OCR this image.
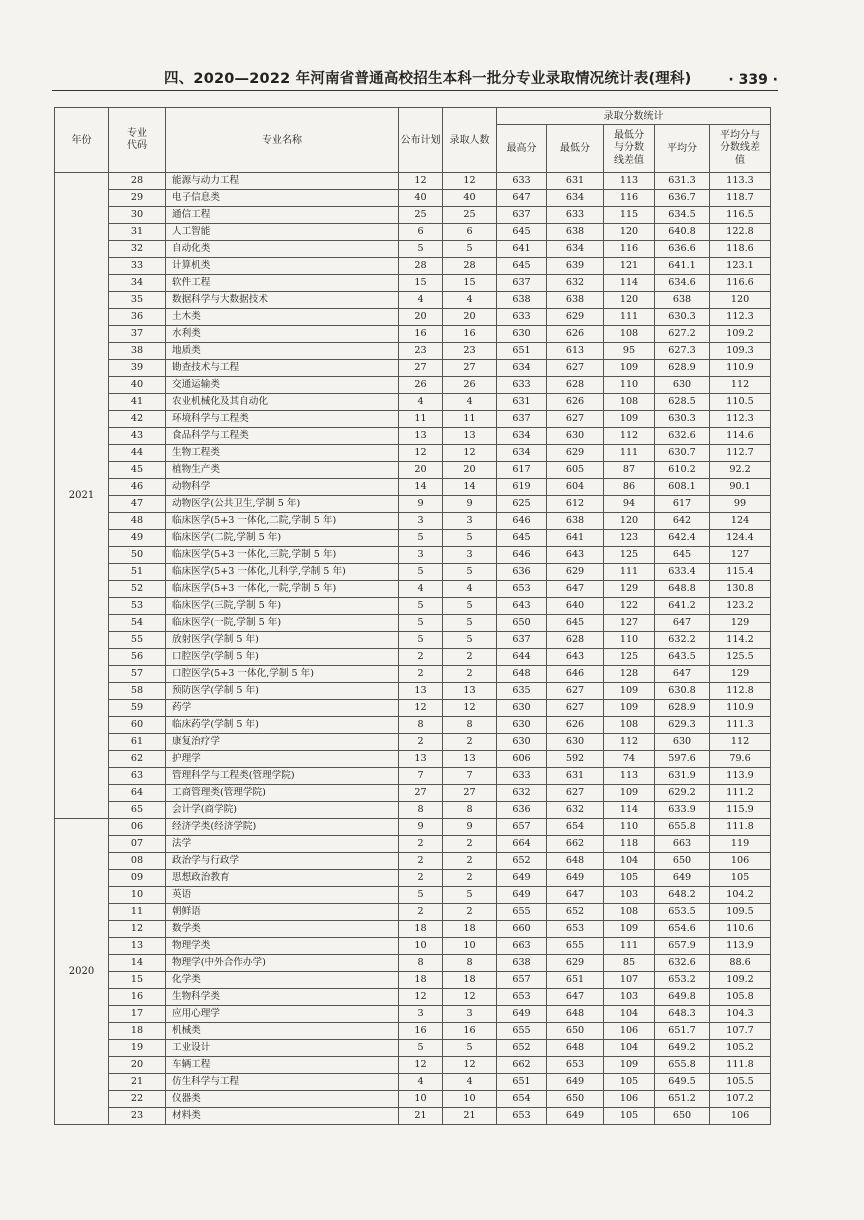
四、2020—2022 年河南省普通高校招生本科一批分专业录取情况统计表(理科)	· 339 ·
年份	专业代码	专业名称	公布计划	录取人数	录取分数统计				
					最高分	最低分	最低分与分数线差值	平均分	平均分与分数线差值
2021	28	能源与动力工程	12	12	633	631	113	631.3	113.3
	29	电子信息类	40	40	647	634	116	636.7	118.7
	30	通信工程	25	25	637	633	115	634.5	116.5
	31	人工智能	6	6	645	638	120	640.8	122.8
	32	自动化类	5	5	641	634	116	636.6	118.6
	33	计算机类	28	28	645	639	121	641.1	123.1
	34	软件工程	15	15	637	632	114	634.6	116.6
	35	数据科学与大数据技术	4	4	638	638	120	638	120
	36	土木类	20	20	633	629	111	630.3	112.3
	37	水利类	16	16	630	626	108	627.2	109.2
	38	地质类	23	23	651	613	95	627.3	109.3
	39	勘查技术与工程	27	27	634	627	109	628.9	110.9
	40	交通运输类	26	26	633	628	110	630	112
	41	农业机械化及其自动化	4	4	631	626	108	628.5	110.5
	42	环境科学与工程类	11	11	637	627	109	630.3	112.3
	43	食品科学与工程类	13	13	634	630	112	632.6	114.6
	44	生物工程类	12	12	634	629	111	630.7	112.7
	45	植物生产类	20	20	617	605	87	610.2	92.2
	46	动物科学	14	14	619	604	86	608.1	90.1
	47	动物医学(公共卫生,学制 5 年)	9	9	625	612	94	617	99
	48	临床医学(5+3 一体化,二院,学制 5 年)	3	3	646	638	120	642	124
	49	临床医学(二院,学制 5 年)	5	5	645	641	123	642.4	124.4
	50	临床医学(5+3 一体化,三院,学制 5 年)	3	3	646	643	125	645	127
	51	临床医学(5+3 一体化,儿科学,学制 5 年)	5	5	636	629	111	633.4	115.4
	52	临床医学(5+3 一体化,一院,学制 5 年)	4	4	653	647	129	648.8	130.8
	53	临床医学(三院,学制 5 年)	5	5	643	640	122	641.2	123.2
	54	临床医学(一院,学制 5 年)	5	5	650	645	127	647	129
	55	放射医学(学制 5 年)	5	5	637	628	110	632.2	114.2
	56	口腔医学(学制 5 年)	2	2	644	643	125	643.5	125.5
	57	口腔医学(5+3 一体化,学制 5 年)	2	2	648	646	128	647	129
	58	预防医学(学制 5 年)	13	13	635	627	109	630.8	112.8
	59	药学	12	12	630	627	109	628.9	110.9
	60	临床药学(学制 5 年)	8	8	630	626	108	629.3	111.3
	61	康复治疗学	2	2	630	630	112	630	112
	62	护理学	13	13	606	592	74	597.6	79.6
	63	管理科学与工程类(管理学院)	7	7	633	631	113	631.9	113.9
	64	工商管理类(管理学院)	27	27	632	627	109	629.2	111.2
	65	会计学(商学院)	8	8	636	632	114	633.9	115.9
2020	06	经济学类(经济学院)	9	9	657	654	110	655.8	111.8
	07	法学	2	2	664	662	118	663	119
	08	政治学与行政学	2	2	652	648	104	650	106
	09	思想政治教育	2	2	649	649	105	649	105
	10	英语	5	5	649	647	103	648.2	104.2
	11	朝鲜语	2	2	655	652	108	653.5	109.5
	12	数学类	18	18	660	653	109	654.6	110.6
	13	物理学类	10	10	663	655	111	657.9	113.9
	14	物理学(中外合作办学)	8	8	638	629	85	632.6	88.6
	15	化学类	18	18	657	651	107	653.2	109.2
	16	生物科学类	12	12	653	647	103	649.8	105.8
	17	应用心理学	3	3	649	648	104	648.3	104.3
	18	机械类	16	16	655	650	106	651.7	107.7
	19	工业设计	5	5	652	648	104	649.2	105.2
	20	车辆工程	12	12	662	653	109	655.8	111.8
	21	仿生科学与工程	4	4	651	649	105	649.5	105.5
	22	仪器类	10	10	654	650	106	651.2	107.2
	23	材料类	21	21	653	649	105	650	106
